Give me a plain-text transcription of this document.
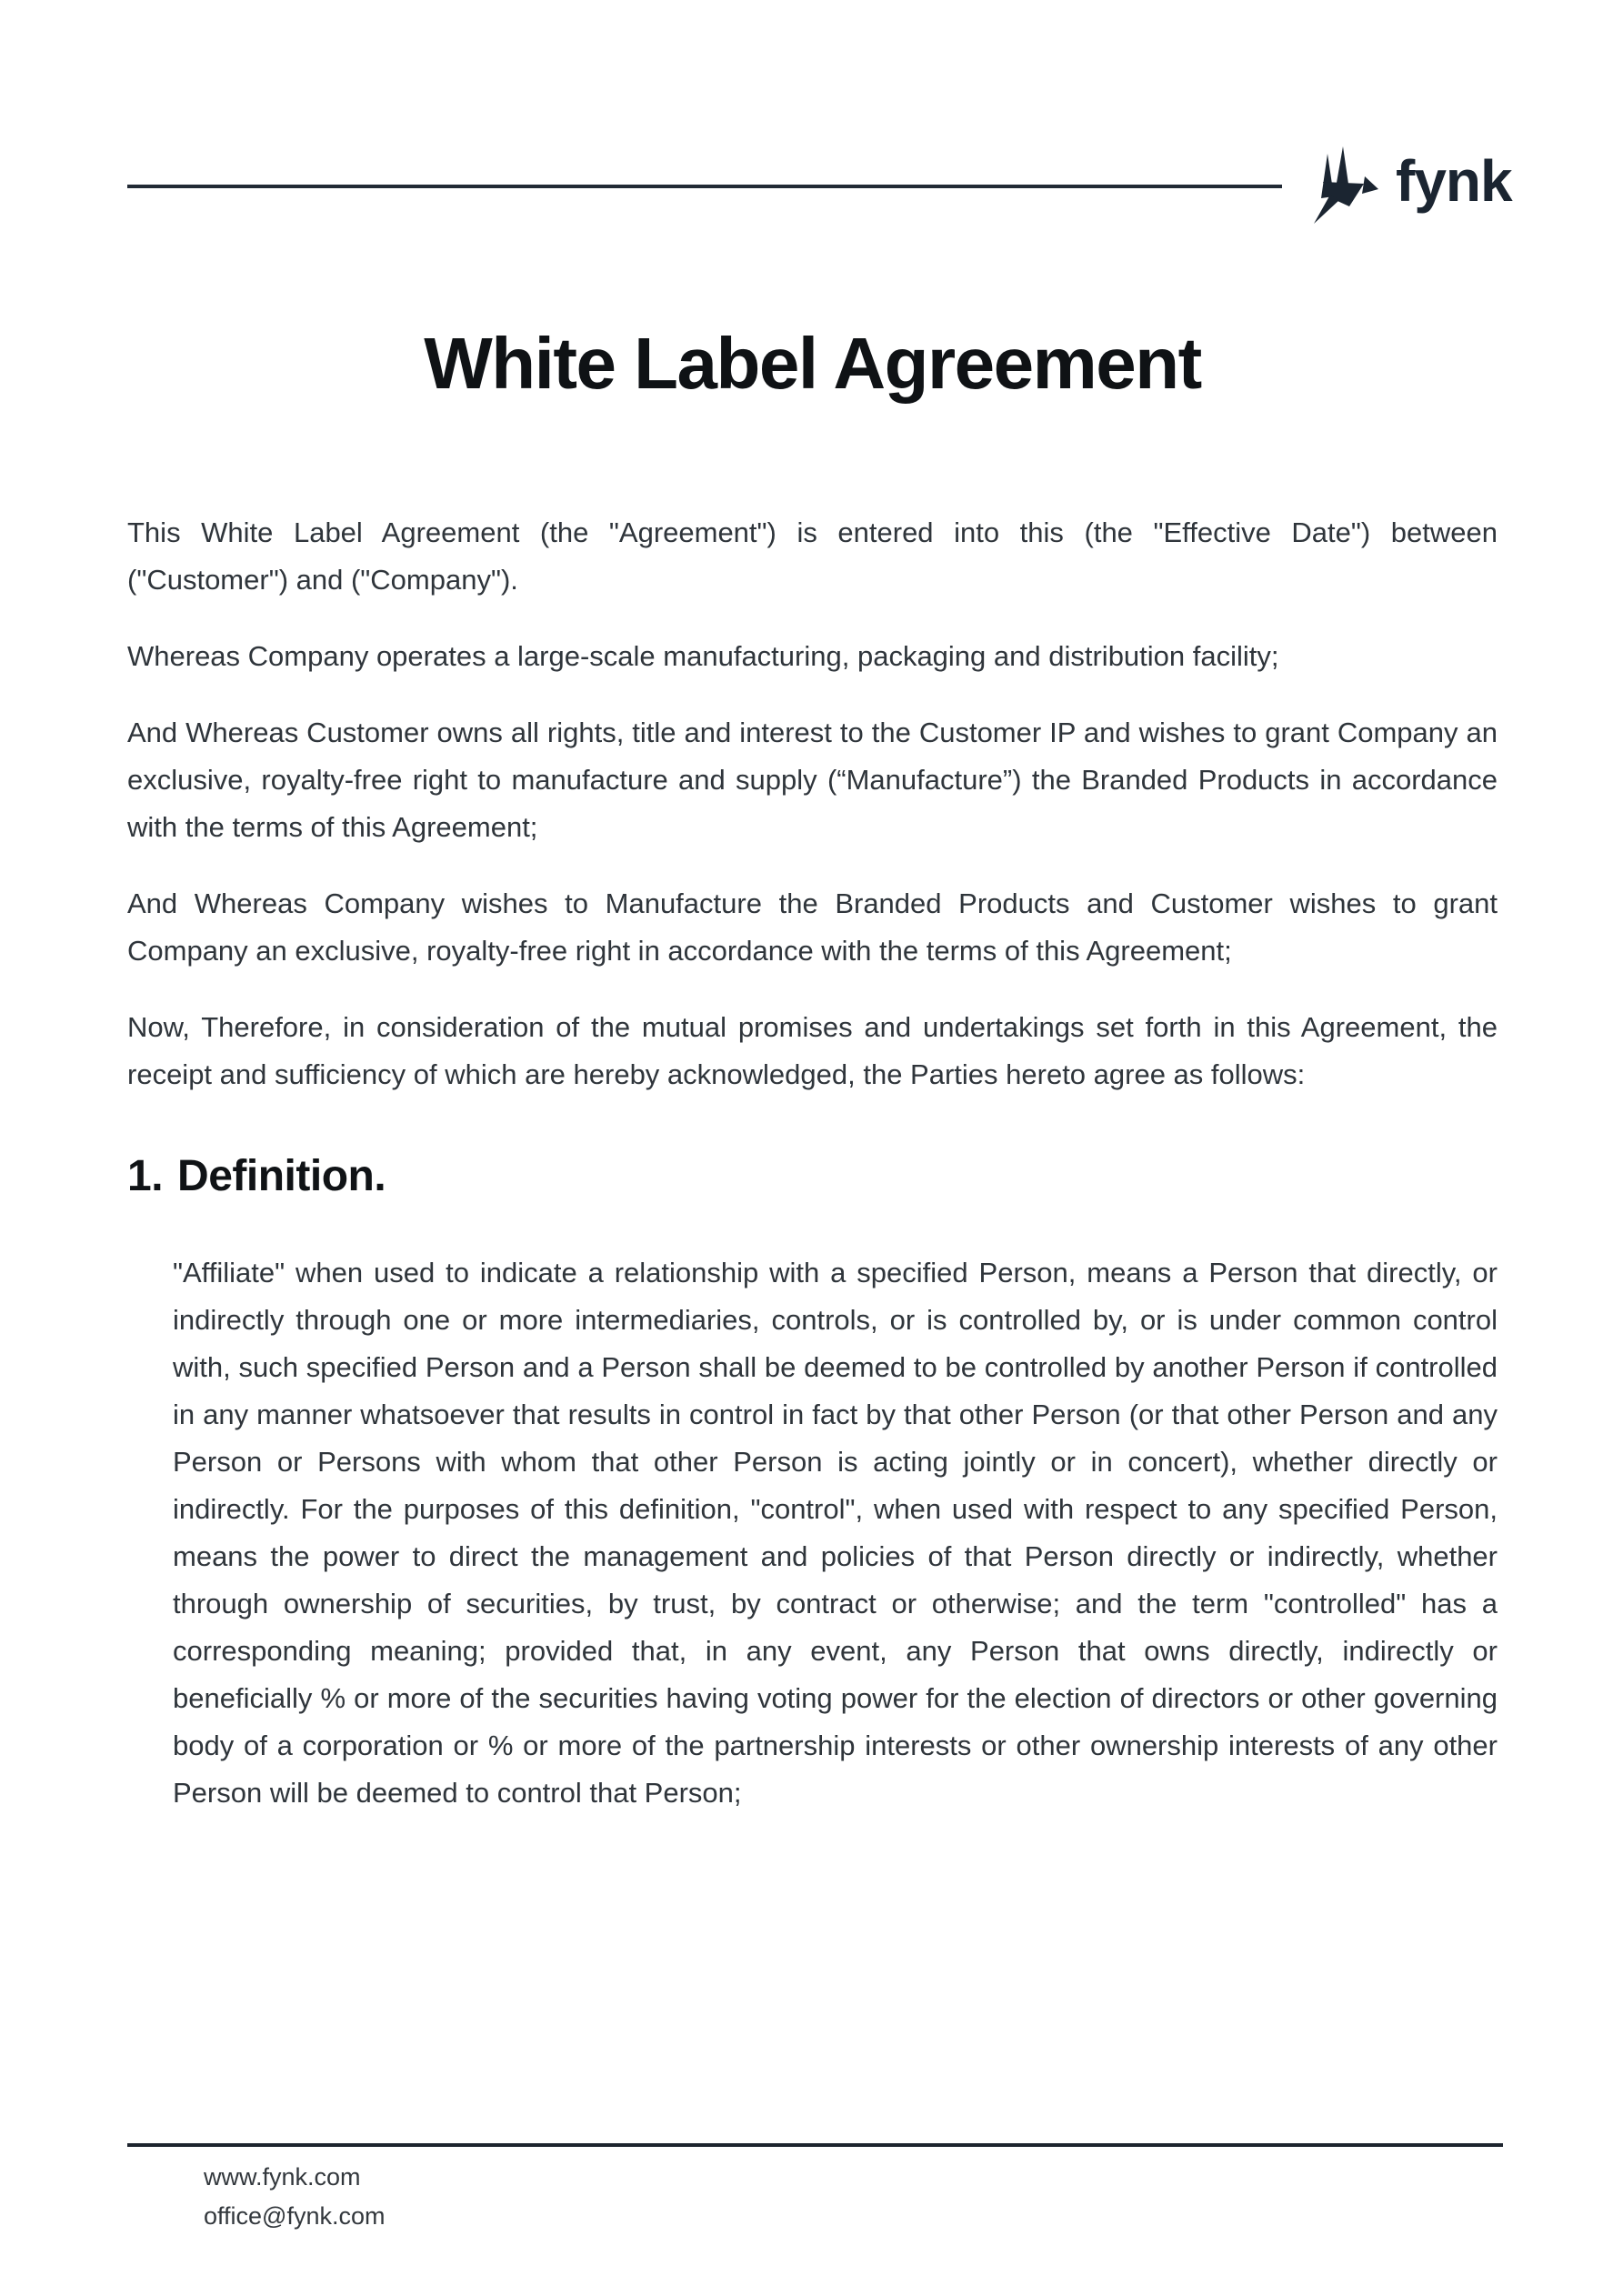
fynk
White Label Agreement

This White Label Agreement (the "Agreement") is entered into this (the "Effective Date") between ("Customer") and ("Company").

Whereas Company operates a large-scale manufacturing, packaging and distribution facility;

And Whereas Customer owns all rights, title and interest to the Customer IP and wishes to grant Company an exclusive, royalty-free right to manufacture and supply (“Manufacture”) the Branded Products in accordance with the terms of this Agreement;

And Whereas Company wishes to Manufacture the Branded Products and Customer wishes to grant Company an exclusive, royalty-free right in accordance with the terms of this Agreement;

Now, Therefore, in consideration of the mutual promises and undertakings set forth in this Agreement, the receipt and sufficiency of which are hereby acknowledged, the Parties hereto agree as follows:

1. Definition.

"Affiliate" when used to indicate a relationship with a specified Person, means a Person that directly, or indirectly through one or more intermediaries, controls, or is controlled by, or is under common control with, such specified Person and a Person shall be deemed to be controlled by another Person if controlled in any manner whatsoever that results in control in fact by that other Person (or that other Person and any Person or Persons with whom that other Person is acting jointly or in concert), whether directly or indirectly. For the purposes of this definition, "control", when used with respect to any specified Person, means the power to direct the management and policies of that Person directly or indirectly, whether through ownership of securities, by trust, by contract or otherwise; and the term "controlled" has a corresponding meaning; provided that, in any event, any Person that owns directly, indirectly or beneficially % or more of the securities having voting power for the election of directors or other governing body of a corporation or % or more of the partnership interests or other ownership interests of any other Person will be deemed to control that Person;

www.fynk.com
office@fynk.com
